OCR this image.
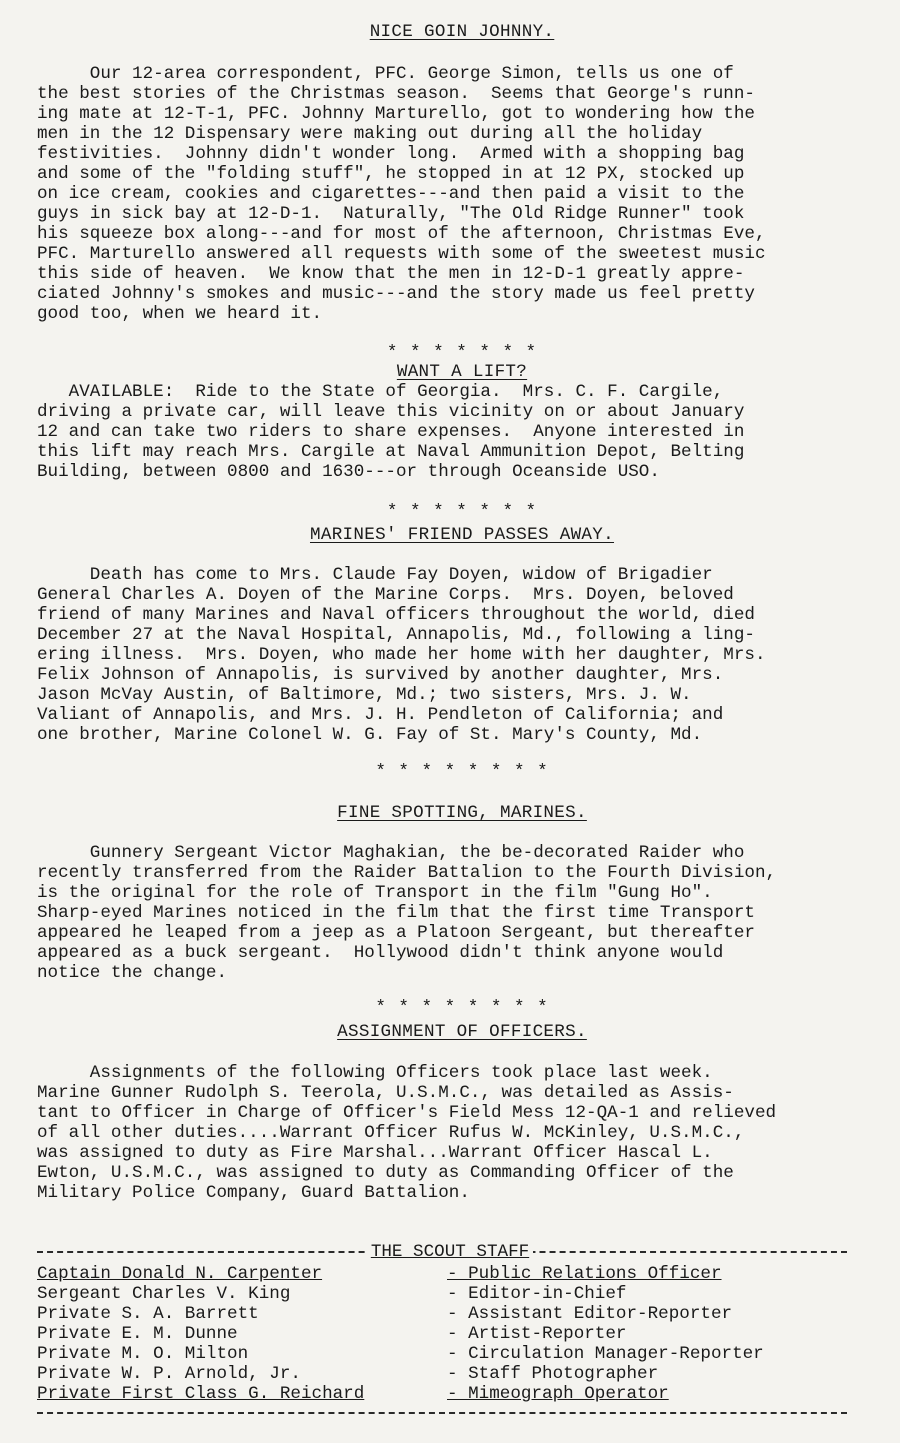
NICE GOIN JOHNNY.

Our 12-area correspondent, PFC. George Simon, tells us one of

the best stories of the Christmas season.  Seems that George's runn-

ing mate at 12-T-1, PFC. Johnny Marturello, got to wondering how the

men in the 12 Dispensary were making out during all the holiday

festivities.  Johnny didn't wonder long.  Armed with a shopping bag

and some of the "folding stuff", he stopped in at 12 PX, stocked up

on ice cream, cookies and cigarettes---and then paid a visit to the

guys in sick bay at 12-D-1.  Naturally, "The Old Ridge Runner" took

his squeeze box along---and for most of the afternoon, Christmas Eve,

PFC. Marturello answered all requests with some of the sweetest music

this side of heaven.  We know that the men in 12-D-1 greatly appre-

ciated Johnny's smokes and music---and the story made us feel pretty

good too, when we heard it.

* * * * * * *
WANT A LIFT?

AVAILABLE:  Ride to the State of Georgia.  Mrs. C. F. Cargile,

driving a private car, will leave this vicinity on or about January

12 and can take two riders to share expenses.  Anyone interested in

this lift may reach Mrs. Cargile at Naval Ammunition Depot, Belting

Building, between 0800 and 1630---or through Oceanside USO.

* * * * * * *
MARINES' FRIEND PASSES AWAY.

Death has come to Mrs. Claude Fay Doyen, widow of Brigadier

General Charles A. Doyen of the Marine Corps.  Mrs. Doyen, beloved

friend of many Marines and Naval officers throughout the world, died

December 27 at the Naval Hospital, Annapolis, Md., following a ling-

ering illness.  Mrs. Doyen, who made her home with her daughter, Mrs.

Felix Johnson of Annapolis, is survived by another daughter, Mrs.

Jason McVay Austin, of Baltimore, Md.; two sisters, Mrs. J. W.

Valiant of Annapolis, and Mrs. J. H. Pendleton of California; and

one brother, Marine Colonel W. G. Fay of St. Mary's County, Md.

* * * * * * * *
FINE SPOTTING, MARINES.

Gunnery Sergeant Victor Maghakian, the be-decorated Raider who

recently transferred from the Raider Battalion to the Fourth Division,

is the original for the role of Transport in the film "Gung Ho".

Sharp-eyed Marines noticed in the film that the first time Transport

appeared he leaped from a jeep as a Platoon Sergeant, but thereafter

appeared as a buck sergeant.  Hollywood didn't think anyone would

notice the change.

* * * * * * * *
ASSIGNMENT OF OFFICERS.

Assignments of the following Officers took place last week.

Marine Gunner Rudolph S. Teerola, U.S.M.C., was detailed as Assis-

tant to Officer in Charge of Officer's Field Mess 12-QA-1 and relieved

of all other duties....Warrant Officer Rufus W. McKinley, U.S.M.C.,

was assigned to duty as Fire Marshal...Warrant Officer Hascal L.

Ewton, U.S.M.C., was assigned to duty as Commanding Officer of the

Military Police Company, Guard Battalion.

THE SCOUT STAFF
Captain Donald N. Carpenter	- Public Relations Officer
Sergeant Charles V. King	- Editor-in-Chief
Private S. A. Barrett	- Assistant Editor-Reporter
Private E. M. Dunne	- Artist-Reporter
Private M. O. Milton	- Circulation Manager-Reporter
Private W. P. Arnold, Jr.	- Staff Photographer
Private First Class G. Reichard	- Mimeograph Operator
